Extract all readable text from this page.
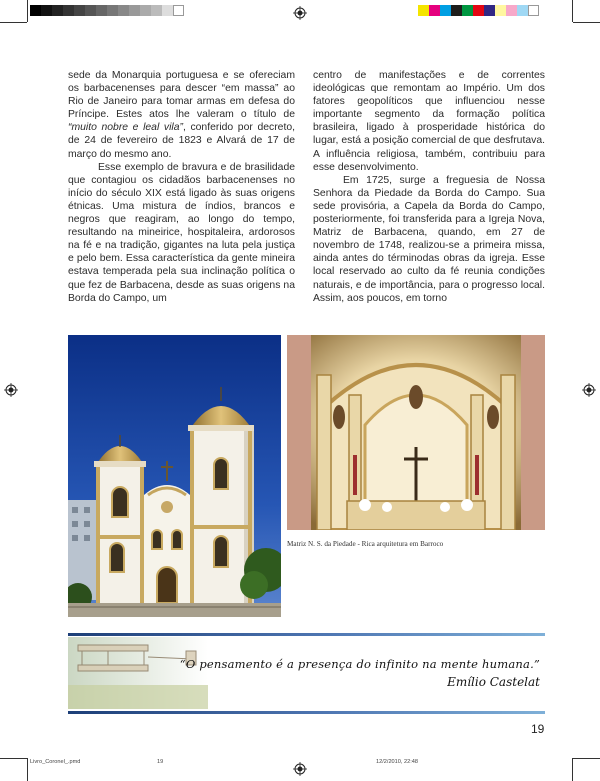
sede da Monarquia portuguesa e se ofereciam os barbacenenses para descer “em massa” ao Rio de Janeiro para tomar armas em defesa do Príncipe. Estes atos lhe valeram o título de “muito nobre e leal vila”, conferido por decreto, de 24 de fevereiro de 1823 e Alvará de 17 de março do mesmo ano.

Esse exemplo de bravura e de brasilidade que contagiou os cidadãos barbacenenses no início do século XIX está ligado às suas origens étnicas. Uma mistura de índios, brancos e negros que reagiram, ao longo do tempo, resultando na mineirice, hospitaleira, ardorosos na fé e na tradição, gigantes na luta pela justiça e pelo bem. Essa característica da gente mineira estava temperada pela sua inclinação política o que fez de Barbacena, desde as suas origens na Borda do Campo, um

centro de manifestações e de correntes ideológicas que remontam ao Império. Um dos fatores geopolíticos que influenciou nesse importante segmento da formação política brasileira, ligado à prosperidade histórica do lugar, está a posição comercial de que desfrutava. A influência religiosa, também, contribuiu para esse desenvolvimento.

Em 1725, surge a freguesia de Nossa Senhora da Piedade da Borda do Campo. Sua sede provisória, a Capela da Borda do Campo, posteriormente, foi transferida para a Igreja Nova, Matriz de Barbacena, quando, em 27 de novembro de 1748, realizou-se a primeira missa, ainda antes do términodas obras da igreja. Esse local reservado ao culto da fé reunia condições naturais, e de importância, para o progresso local. Assim, aos poucos, em torno

Matriz N. S. da Piedade - Rica arquitetura em Barroco
“O pensamento é a presença do infinito na mente humana.”
Emílio Castelat
19
Livro_Coronel_.pmd	19	12/2/2010, 22:48
